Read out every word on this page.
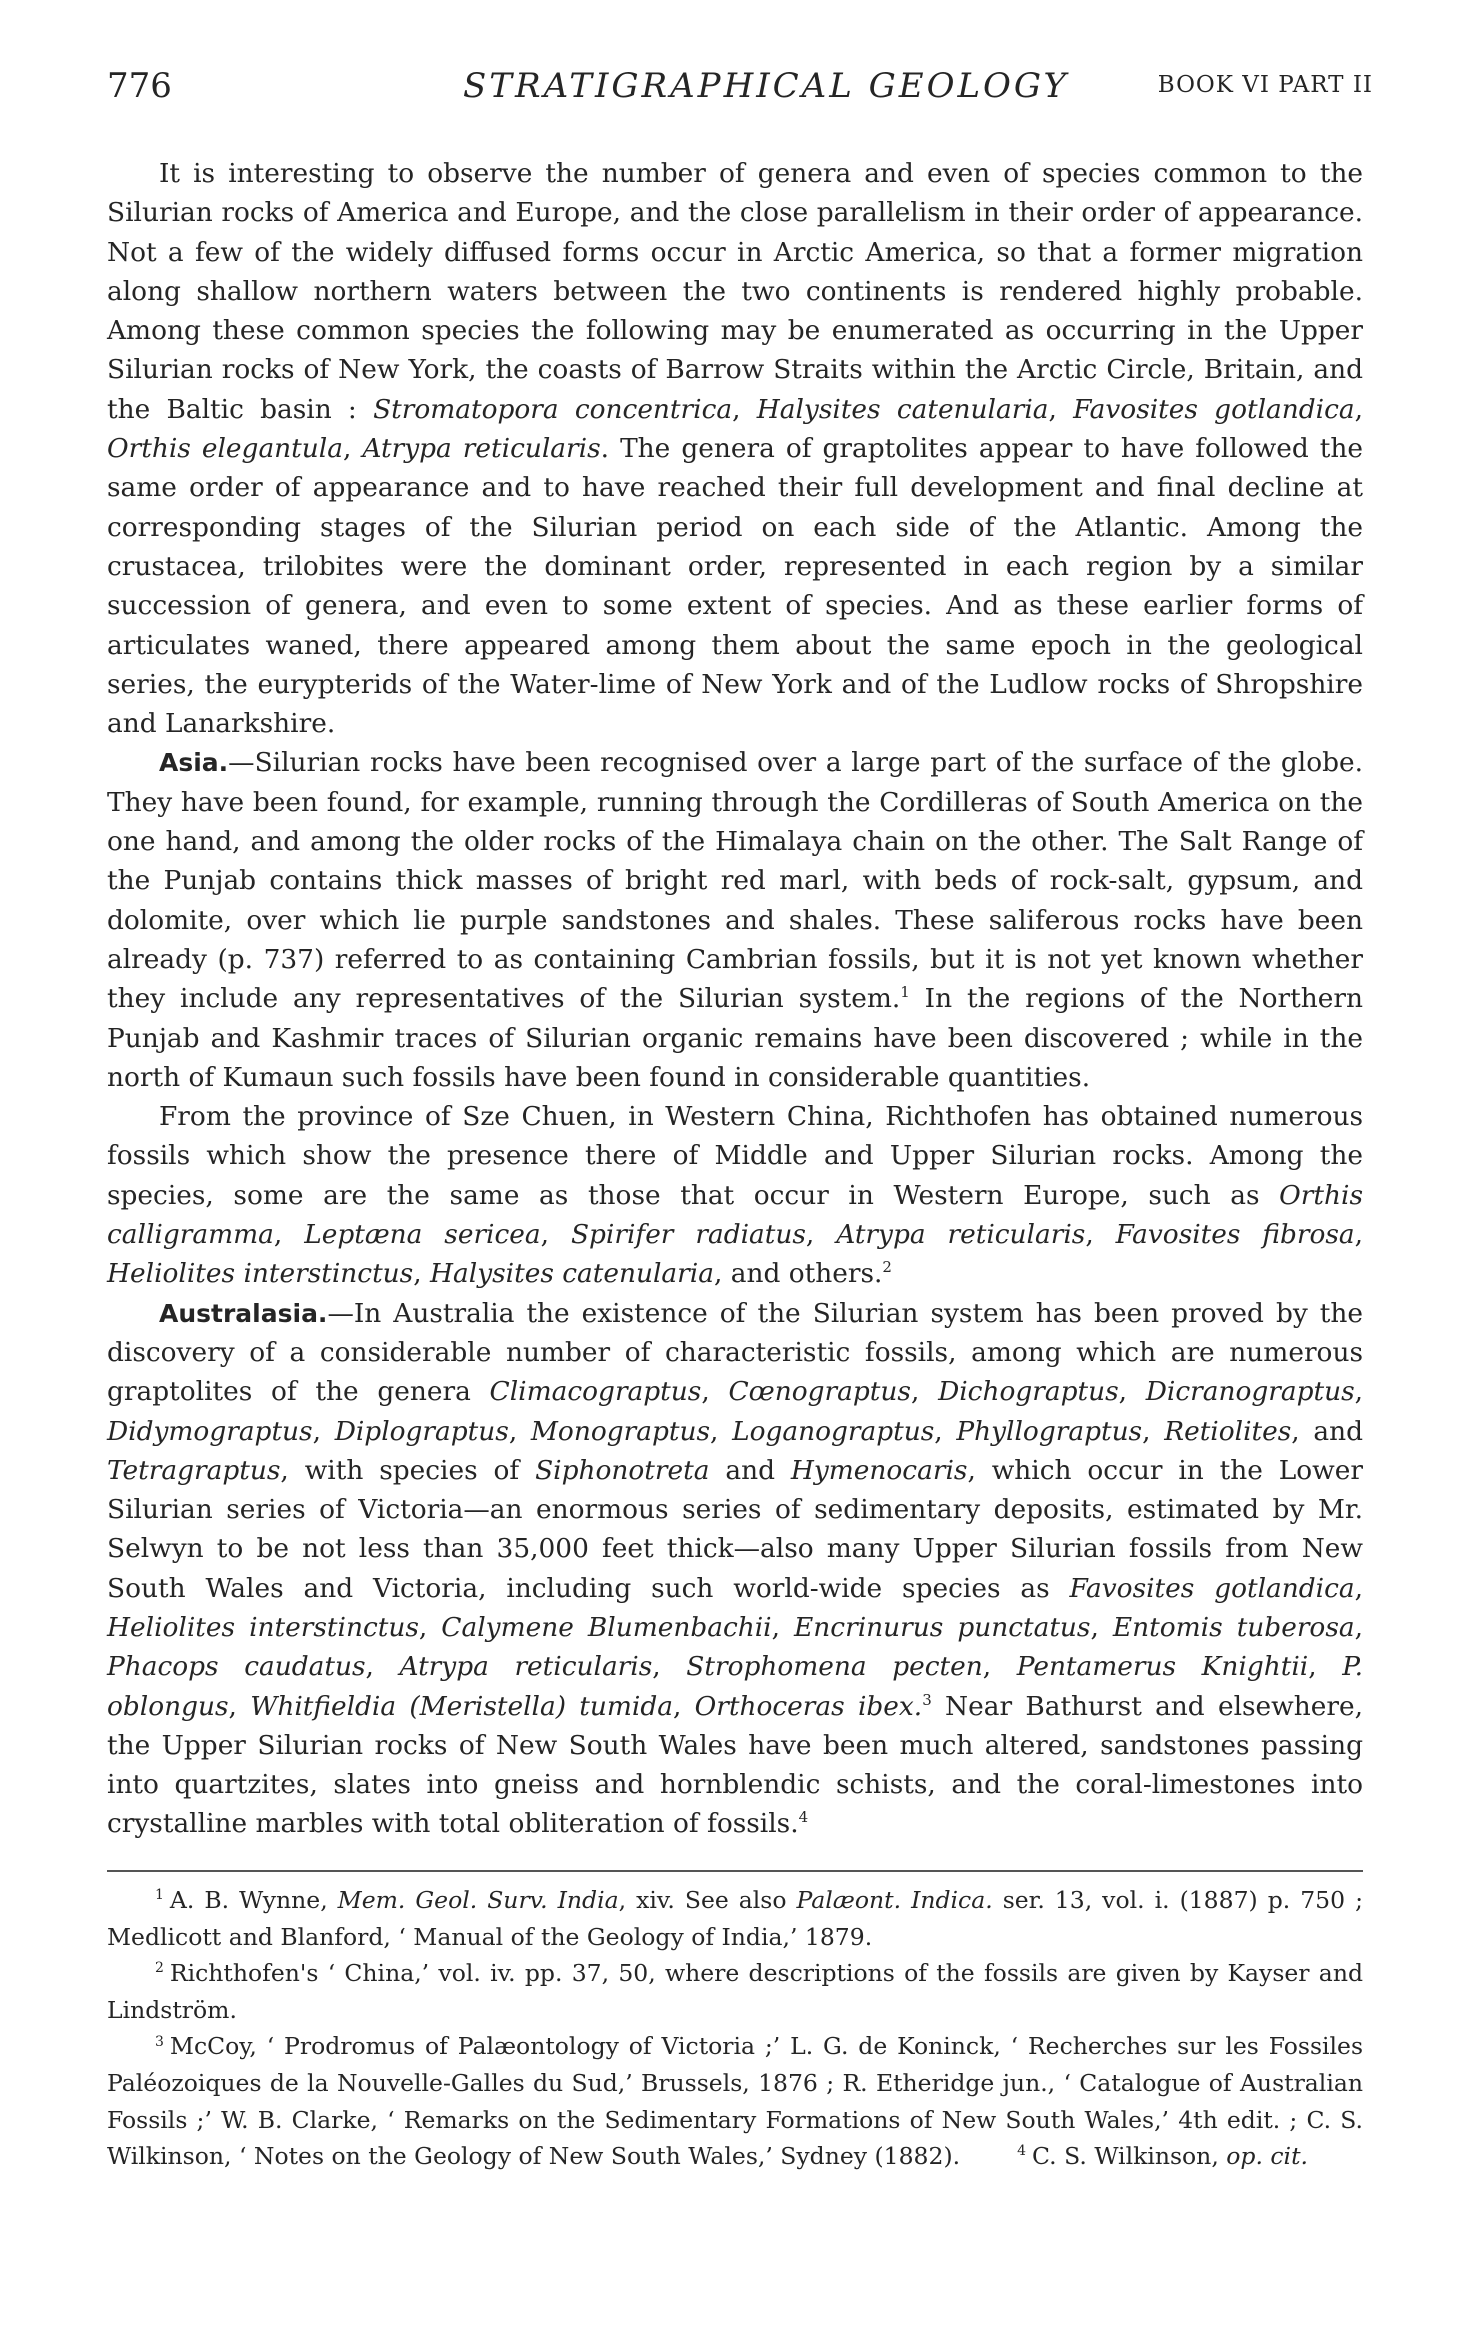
776	STRATIGRAPHICAL GEOLOGY	BOOK VI PART II

It is interesting to observe the number of genera and even of species common to the Silurian rocks of America and Europe, and the close parallelism in their order of appearance. Not a few of the widely diffused forms occur in Arctic America, so that a former migration along shallow northern waters between the two continents is rendered highly probable. Among these common species the following may be enumerated as occurring in the Upper Silurian rocks of New York, the coasts of Barrow Straits within the Arctic Circle, Britain, and the Baltic basin : Stromatopora concentrica, Halysites catenularia, Favosites gotlandica, Orthis elegantula, Atrypa reticularis. The genera of graptolites appear to have followed the same order of appearance and to have reached their full development and final decline at corresponding stages of the Silurian period on each side of the Atlantic. Among the crustacea, trilobites were the dominant order, represented in each region by a similar succession of genera, and even to some extent of species. And as these earlier forms of articulates waned, there appeared among them about the same epoch in the geological series, the eurypterids of the Water-lime of New York and of the Ludlow rocks of Shropshire and Lanarkshire.

Asia.—Silurian rocks have been recognised over a large part of the surface of the globe. They have been found, for example, running through the Cordilleras of South America on the one hand, and among the older rocks of the Himalaya chain on the other. The Salt Range of the Punjab contains thick masses of bright red marl, with beds of rock-salt, gypsum, and dolomite, over which lie purple sandstones and shales. These saliferous rocks have been already (p. 737) referred to as containing Cambrian fossils, but it is not yet known whether they include any representatives of the Silurian system.$^1$ In the regions of the Northern Punjab and Kashmir traces of Silurian organic remains have been discovered ; while in the north of Kumaun such fossils have been found in considerable quantities.

From the province of Sze Chuen, in Western China, Richthofen has obtained numerous fossils which show the presence there of Middle and Upper Silurian rocks. Among the species, some are the same as those that occur in Western Europe, such as Orthis calligramma, Leptæna sericea, Spirifer radiatus, Atrypa reticularis, Favosites fibrosa, Heliolites interstinctus, Halysites catenularia, and others.$^2$

Australasia.—In Australia the existence of the Silurian system has been proved by the discovery of a considerable number of characteristic fossils, among which are numerous graptolites of the genera Climacograptus, Cœnograptus, Dichograptus, Dicranograptus, Didymograptus, Diplograptus, Monograptus, Loganograptus, Phyllograptus, Retiolites, and Tetragraptus, with species of Siphonotreta and Hymenocaris, which occur in the Lower Silurian series of Victoria—an enormous series of sedimentary deposits, estimated by Mr. Selwyn to be not less than 35,000 feet thick—also many Upper Silurian fossils from New South Wales and Victoria, including such world-wide species as Favosites gotlandica, Heliolites interstinctus, Calymene Blumenbachii, Encrinurus punctatus, Entomis tuberosa, Phacops caudatus, Atrypa reticularis, Strophomena pecten, Pentamerus Knightii, P. oblongus, Whitfieldia (Meristella) tumida, Orthoceras ibex.$^3$ Near Bathurst and elsewhere, the Upper Silurian rocks of New South Wales have been much altered, sandstones passing into quartzites, slates into gneiss and hornblendic schists, and the coral-limestones into crystalline marbles with total obliteration of fossils.$^4$

$^1$ A. B. Wynne, Mem. Geol. Surv. India, xiv. See also Palæont. Indica. ser. 13, vol. i. (1887) p. 750 ; Medlicott and Blanford, ‘ Manual of the Geology of India,’ 1879.

$^2$ Richthofen's ‘ China,’ vol. iv. pp. 37, 50, where descriptions of the fossils are given by Kayser and Lindström.

$^3$ McCoy, ‘ Prodromus of Palæontology of Victoria ;’ L. G. de Koninck, ‘ Recherches sur les Fossiles Paléozoiques de la Nouvelle-Galles du Sud,’ Brussels, 1876 ; R. Etheridge jun., ‘ Catalogue of Australian Fossils ;’ W. B. Clarke, ‘ Remarks on the Sedimentary Formations of New South Wales,’ 4th edit. ; C. S. Wilkinson, ‘ Notes on the Geology of New South Wales,’ Sydney (1882).	$^4$ C. S. Wilkinson, op. cit.
